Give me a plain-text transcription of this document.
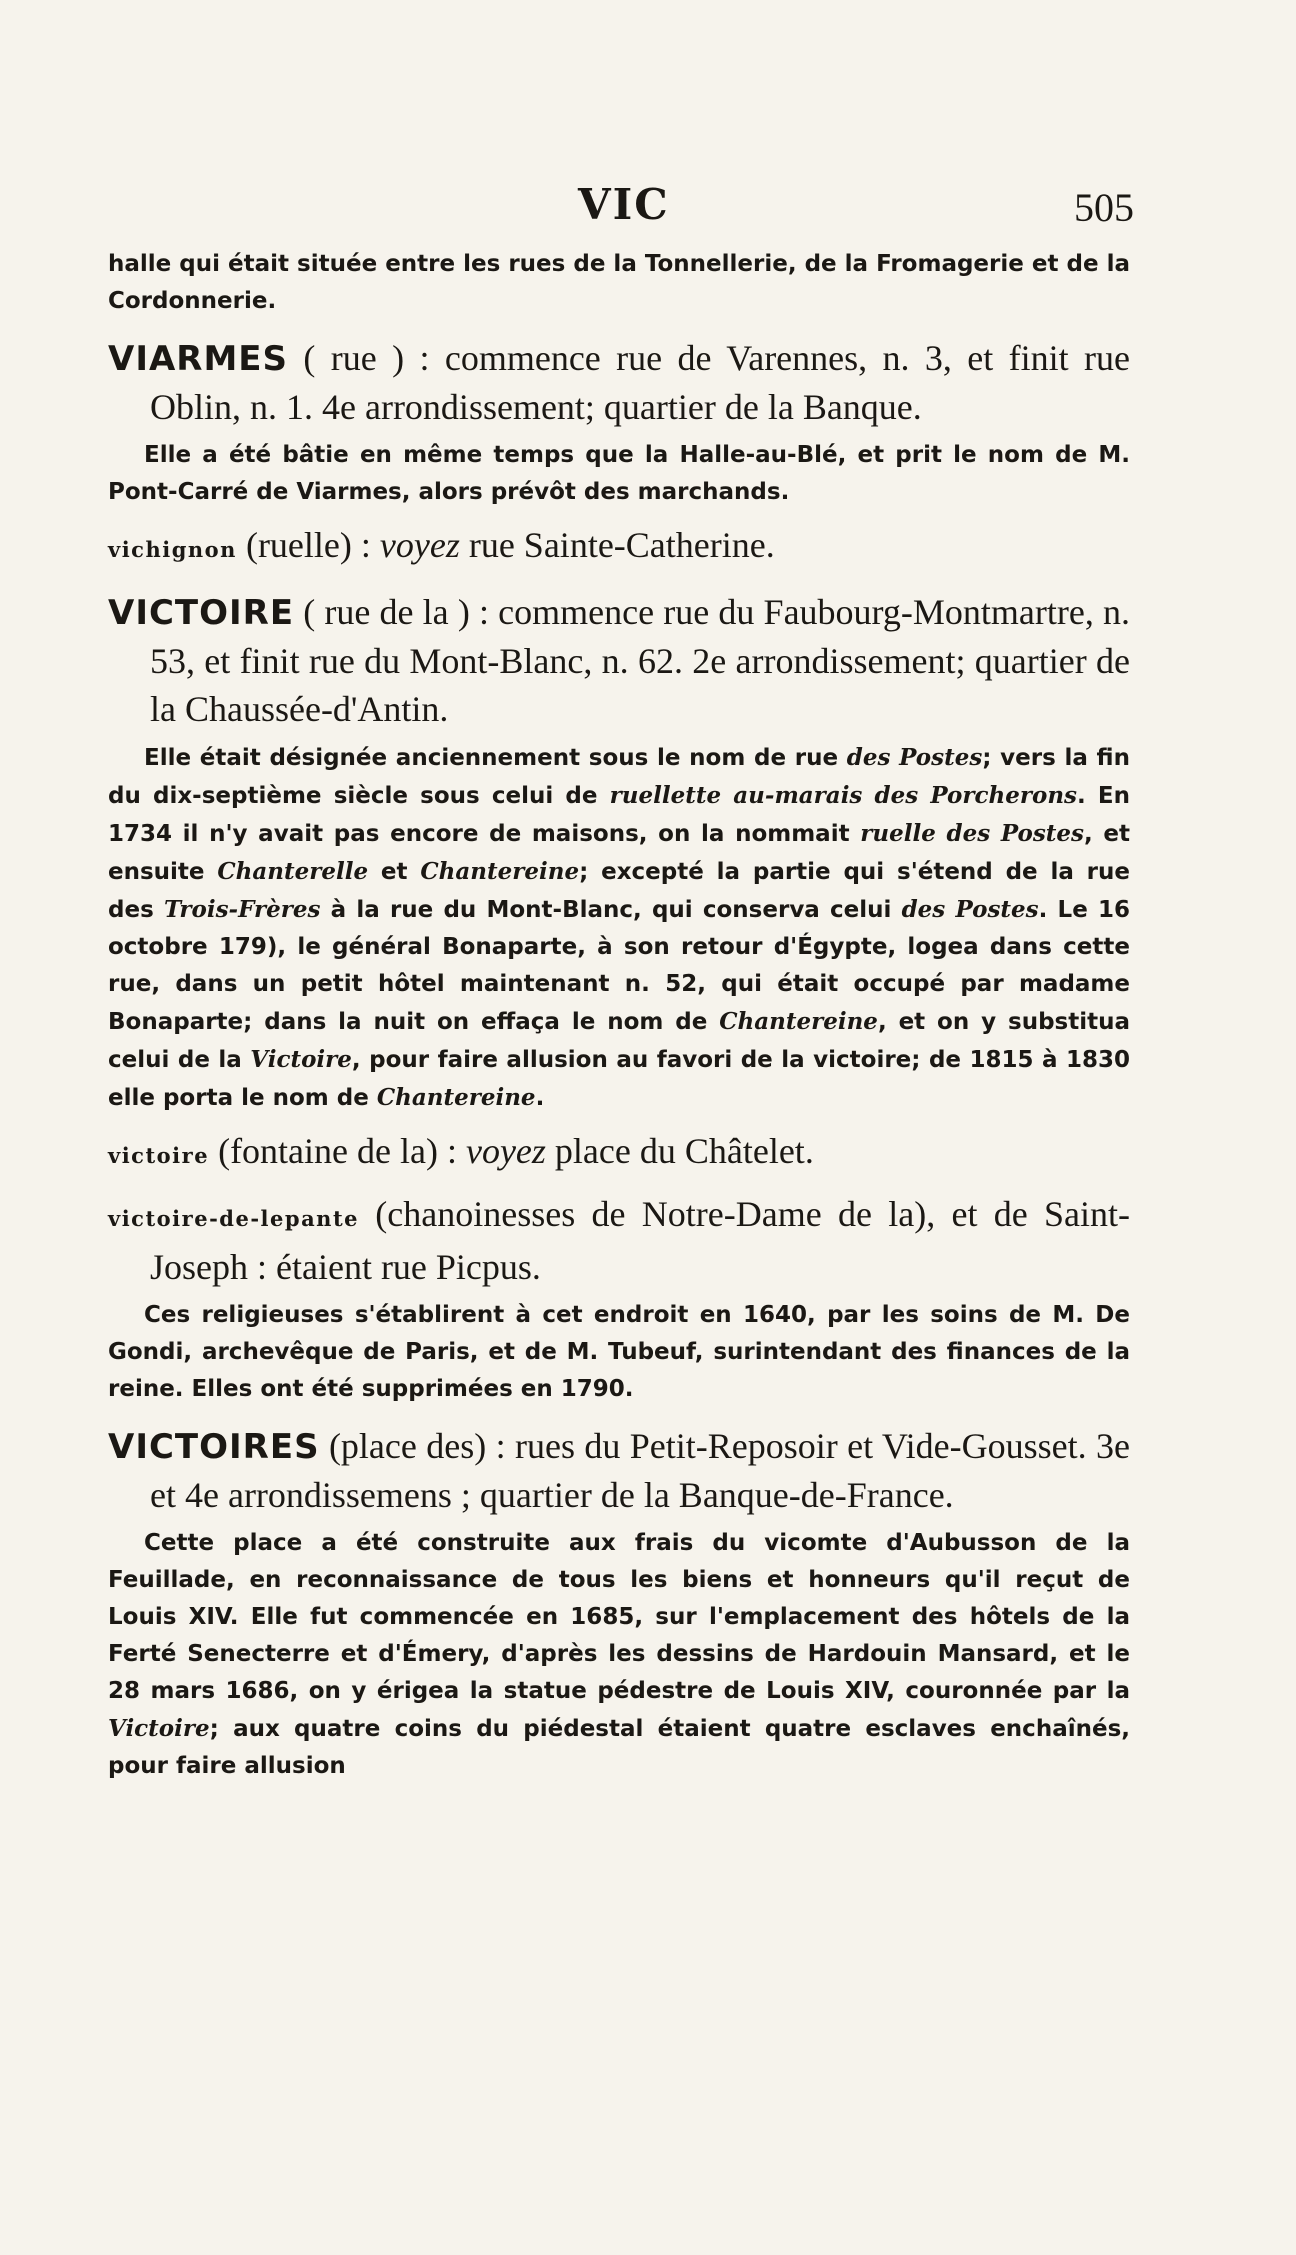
VIC	505

halle qui était située entre les rues de la Tonnellerie, de la Fromagerie et de la Cordonnerie.

VIARMES ( rue ) : commence rue de Varennes, n. 3, et finit rue Oblin, n. 1. 4e arrondissement; quartier de la Banque.

Elle a été bâtie en même temps que la Halle-au-Blé, et prit le nom de M. Pont-Carré de Viarmes, alors prévôt des marchands.

vichignon (ruelle) : voyez rue Sainte-Catherine.

VICTOIRE ( rue de la ) : commence rue du Faubourg-Montmartre, n. 53, et finit rue du Mont-Blanc, n. 62. 2e arrondissement; quartier de la Chaussée-d'Antin.

Elle était désignée anciennement sous le nom de rue des Postes; vers la fin du dix-septième siècle sous celui de ruellette au-marais des Porcherons. En 1734 il n'y avait pas encore de maisons, on la nommait ruelle des Postes, et ensuite Chanterelle et Chantereine; excepté la partie qui s'étend de la rue des Trois-Frères à la rue du Mont-Blanc, qui conserva celui des Postes. Le 16 octobre 179), le général Bonaparte, à son retour d'Égypte, logea dans cette rue, dans un petit hôtel maintenant n. 52, qui était occupé par madame Bonaparte; dans la nuit on effaça le nom de Chantereine, et on y substitua celui de la Victoire, pour faire allusion au favori de la victoire; de 1815 à 1830 elle porta le nom de Chantereine.

victoire (fontaine de la) : voyez place du Châtelet.

victoire-de-lepante (chanoinesses de Notre-Dame de la), et de Saint-Joseph : étaient rue Picpus.

Ces religieuses s'établirent à cet endroit en 1640, par les soins de M. De Gondi, archevêque de Paris, et de M. Tubeuf, surintendant des finances de la reine. Elles ont été supprimées en 1790.

VICTOIRES (place des) : rues du Petit-Reposoir et Vide-Gousset. 3e et 4e arrondissemens ; quartier de la Banque-de-France.

Cette place a été construite aux frais du vicomte d'Aubusson de la Feuillade, en reconnaissance de tous les biens et honneurs qu'il reçut de Louis XIV. Elle fut commencée en 1685, sur l'emplacement des hôtels de la Ferté Senecterre et d'Émery, d'après les dessins de Hardouin Mansard, et le 28 mars 1686, on y érigea la statue pédestre de Louis XIV, couronnée par la Victoire; aux quatre coins du piédestal étaient quatre esclaves enchaînés, pour faire allusion
